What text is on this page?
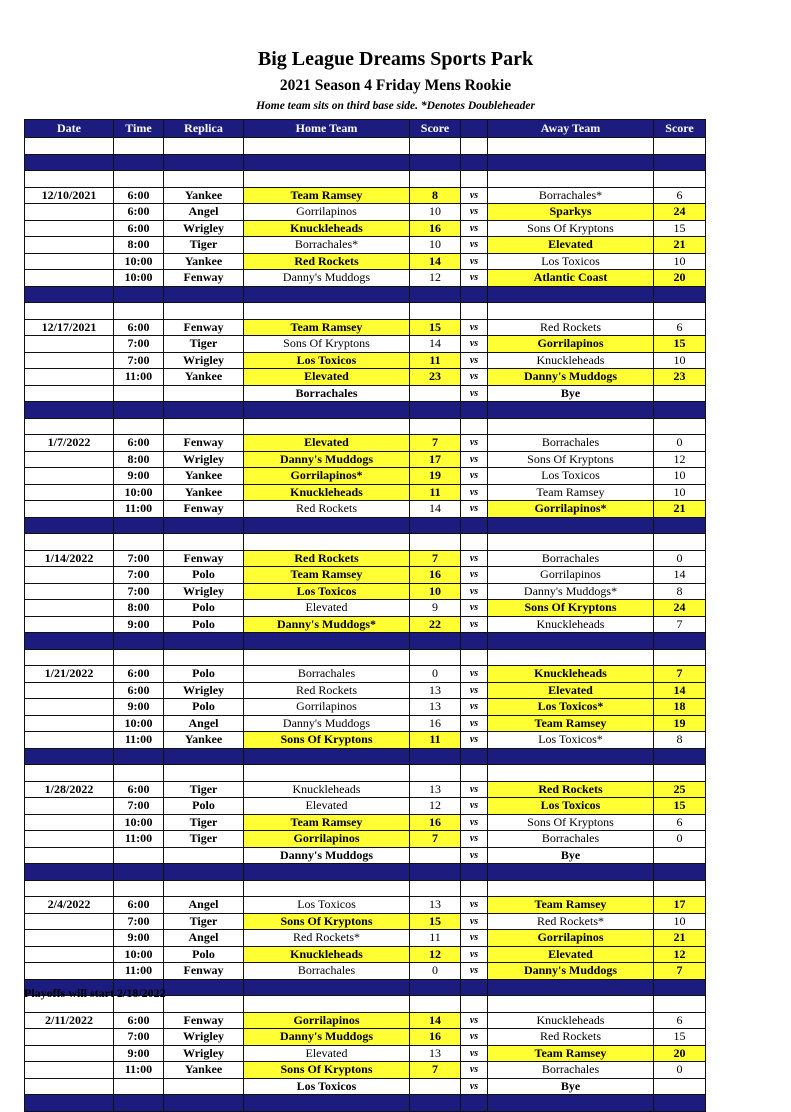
Big League Dreams Sports Park
2021 Season 4 Friday Mens Rookie
Home team sits on third base side. *Denotes Doubleheader
Date	Time	Replica	Home Team	Score		Away Team	Score

12/10/2021	6:00	Yankee	Team Ramsey	8	vs	Borrachales*	6
	6:00	Angel	Gorrilapinos	10	vs	Sparkys	24
	6:00	Wrigley	Knuckleheads	16	vs	Sons Of Kryptons	15
	8:00	Tiger	Borrachales*	10	vs	Elevated	21
	10:00	Yankee	Red Rockets	14	vs	Los Toxicos	10
	10:00	Fenway	Danny's Muddogs	12	vs	Atlantic Coast	20

12/17/2021	6:00	Fenway	Team Ramsey	15	vs	Red Rockets	6
	7:00	Tiger	Sons Of Kryptons	14	vs	Gorrilapinos	15
	7:00	Wrigley	Los Toxicos	11	vs	Knuckleheads	10
	11:00	Yankee	Elevated	23	vs	Danny's Muddogs	23
			Borrachales		vs	Bye	

1/7/2022	6:00	Fenway	Elevated	7	vs	Borrachales	0
	8:00	Wrigley	Danny's Muddogs	17	vs	Sons Of Kryptons	12
	9:00	Yankee	Gorrilapinos*	19	vs	Los Toxicos	10
	10:00	Yankee	Knuckleheads	11	vs	Team Ramsey	10
	11:00	Fenway	Red Rockets	14	vs	Gorrilapinos*	21

1/14/2022	7:00	Fenway	Red Rockets	7	vs	Borrachales	0
	7:00	Polo	Team Ramsey	16	vs	Gorrilapinos	14
	7:00	Wrigley	Los Toxicos	10	vs	Danny's Muddogs*	8
	8:00	Polo	Elevated	9	vs	Sons Of Kryptons	24
	9:00	Polo	Danny's Muddogs*	22	vs	Knuckleheads	7

1/21/2022	6:00	Polo	Borrachales	0	vs	Knuckleheads	7
	6:00	Wrigley	Red Rockets	13	vs	Elevated	14
	9:00	Polo	Gorrilapinos	13	vs	Los Toxicos*	18
	10:00	Angel	Danny's Muddogs	16	vs	Team Ramsey	19
	11:00	Yankee	Sons Of Kryptons	11	vs	Los Toxicos*	8

1/28/2022	6:00	Tiger	Knuckleheads	13	vs	Red Rockets	25
	7:00	Polo	Elevated	12	vs	Los Toxicos	15
	10:00	Tiger	Team Ramsey	16	vs	Sons Of Kryptons	6
	11:00	Tiger	Gorrilapinos	7	vs	Borrachales	0
			Danny's Muddogs		vs	Bye	

2/4/2022	6:00	Angel	Los Toxicos	13	vs	Team Ramsey	17
	7:00	Tiger	Sons Of Kryptons	15	vs	Red Rockets*	10
	9:00	Angel	Red Rockets*	11	vs	Gorrilapinos	21
	10:00	Polo	Knuckleheads	12	vs	Elevated	12
	11:00	Fenway	Borrachales	0	vs	Danny's Muddogs	7

2/11/2022	6:00	Fenway	Gorrilapinos	14	vs	Knuckleheads	6
	7:00	Wrigley	Danny's Muddogs	16	vs	Red Rockets	15
	9:00	Wrigley	Elevated	13	vs	Team Ramsey	20
	11:00	Yankee	Sons Of Kryptons	7	vs	Borrachales	0
			Los Toxicos		vs	Bye	

Playoffs will start 2/18/2022
